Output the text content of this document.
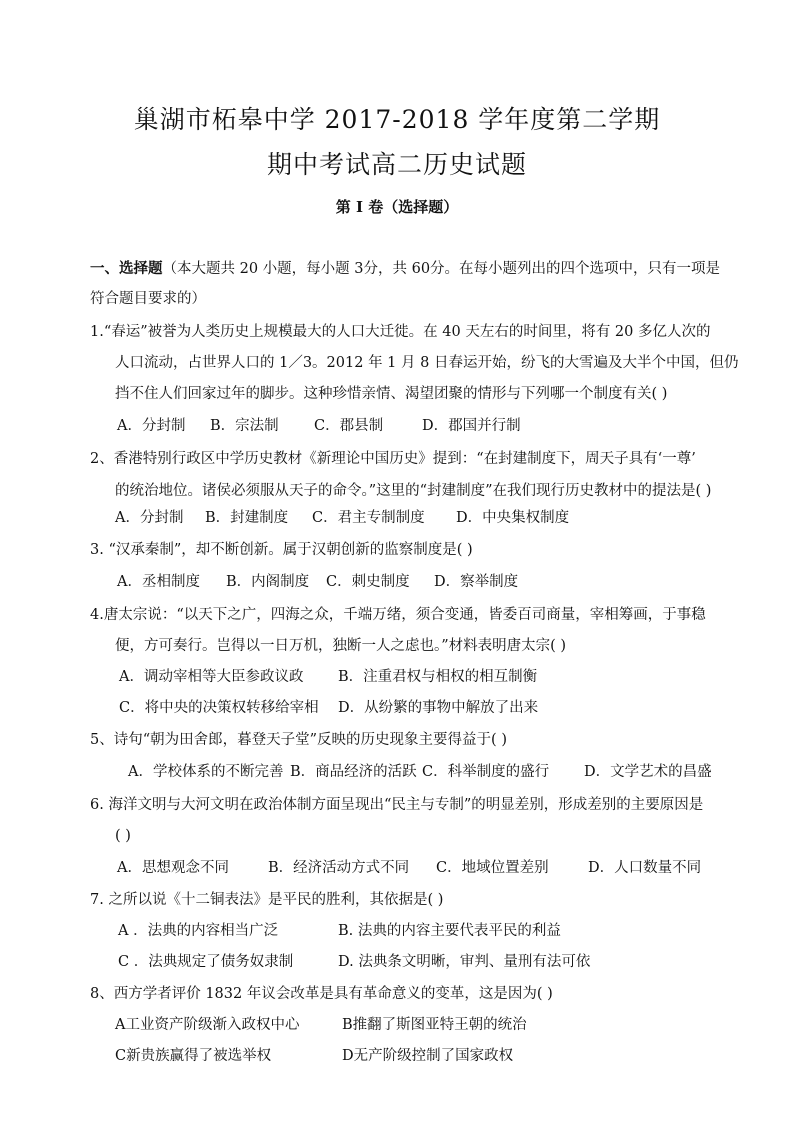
巢湖市柘皋中学 2017-2018 学年度第二学期
期中考试高二历史试题
第 I 卷（选择题）
一、选择题（本大题共 20 小题，每小题 3分，共 60分。在每小题列出的四个选项中，只有一项是
符合题目要求的）
1.“春运”被誉为人类历史上规模最大的人口大迁徙。在 40 天左右的时间里，将有 20 多亿人次的
人口流动，占世界人口的 1／3。2012 年 1 月 8 日春运开始，纷飞的大雪遍及大半个中国，但仍
挡不住人们回家过年的脚步。这种珍惜亲情、渴望团聚的情形与下列哪一个制度有关( )
A．分封制 B．宗法制 C．郡县制	D．郡国并行制
2、香港特别行政区中学历史教材《新理论中国历史》提到：“在封建制度下，周天子具有‘一尊’
的统治地位。诸侯必须服从天子的命令。”这里的“封建制度”在我们现行历史教材中的提法是( )
A．分封制 B．封建制度 C．君主专制制度 D．中央集权制度
3. “汉承秦制”，却不断创新。属于汉朝创新的监察制度是( )
A．丞相制度 B．内阁制度 C．刺史制度 D．察举制度
4.唐太宗说：“以天下之广，四海之众，千端万绪，须合变通，皆委百司商量，宰相筹画，于事稳
便，方可奏行。岂得以一日万机，独断一人之虑也。”材料表明唐太宗( )
A．调动宰相等大臣参政议政 B．注重君权与相权的相互制衡
C．将中央的决策权转移给宰相 D．从纷繁的事物中解放了出来
5、诗句“朝为田舍郎，暮登天子堂”反映的历史现象主要得益于( )
A．学校体系的不断完善 B．商品经济的活跃 C．科举制度的盛行 D．文学艺术的昌盛
6. 海洋文明与大河文明在政治体制方面呈现出“民主与专制”的明显差别，形成差别的主要原因是
( )
A．思想观念不同	B．经济活动方式不同 C．地域位置差别	D．人口数量不同
7. 之所以说《十二铜表法》是平民的胜利，其依据是( )
A ．法典的内容相当广泛	B. 法典的内容主要代表平民的利益
C ．法典规定了债务奴隶制	D. 法典条文明晰，审判、量刑有法可依
8、西方学者评价 1832 年议会改革是具有革命意义的变革，这是因为( )
A工业资产阶级渐入政权中心	B推翻了斯图亚特王朝的统治
C新贵族赢得了被选举权	D无产阶级控制了国家政权
